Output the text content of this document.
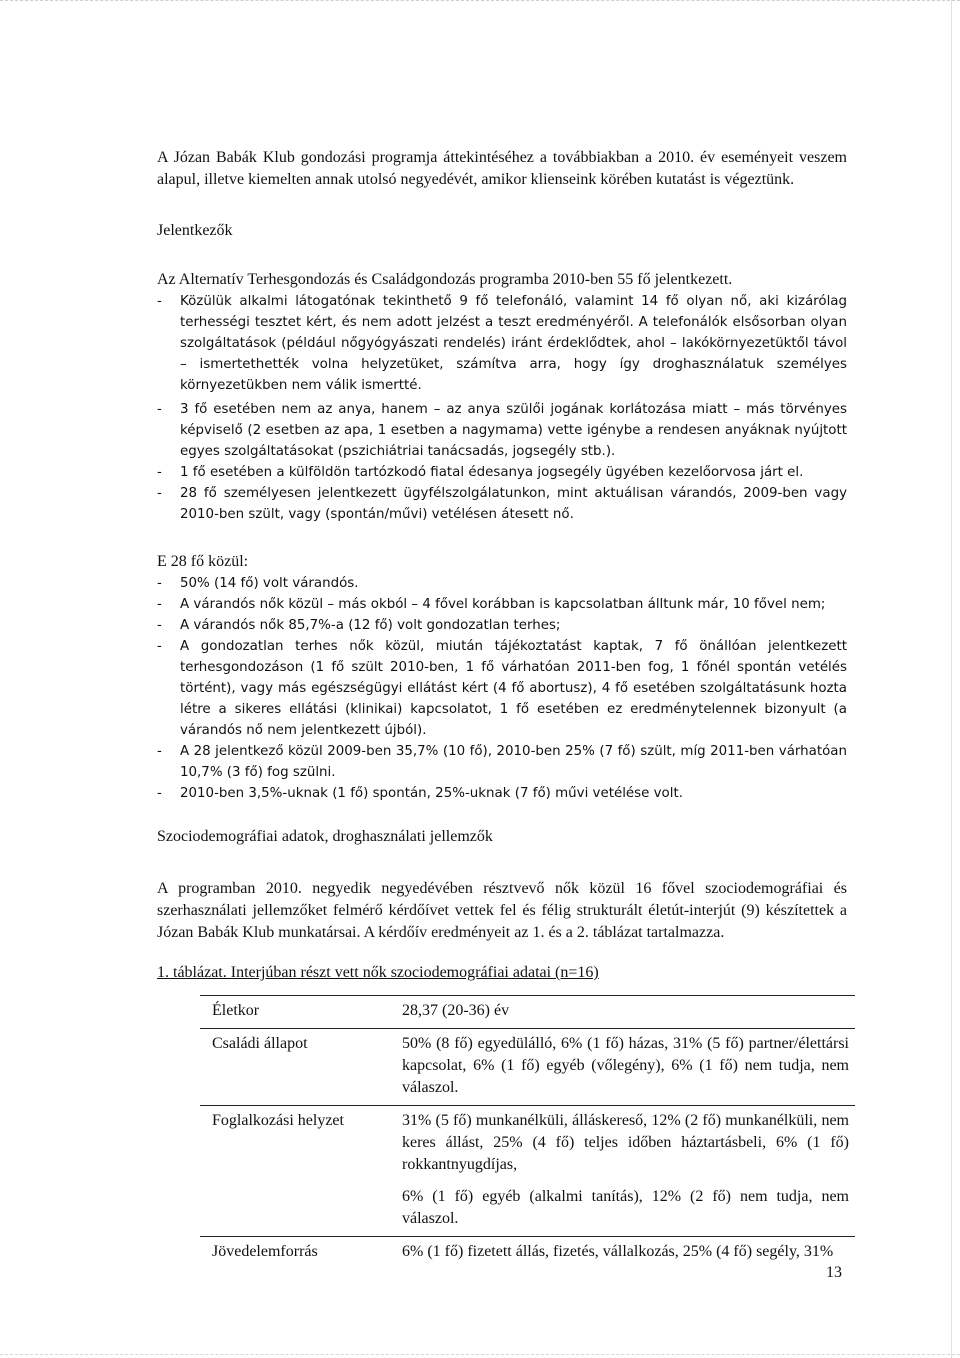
A Józan Babák Klub gondozási programja áttekintéséhez a továbbiakban a 2010. év eseményeit veszem alapul, illetve kiemelten annak utolsó negyedévét, amikor klienseink körében kutatást is végeztünk.

Jelentkezők

Az Alternatív Terhesgondozás és Családgondozás programba 2010-ben 55 fő jelentkezett.

- Közülük alkalmi látogatónak tekinthető 9 fő telefonáló, valamint 14 fő olyan nő, aki kizárólag terhességi tesztet kért, és nem adott jelzést a teszt eredményéről. A telefonálók elsősorban olyan szolgáltatások (például nőgyógyászati rendelés) iránt érdeklődtek, ahol – lakókörnyezetüktől távol – ismertethették volna helyzetüket, számítva arra, hogy így droghasználatuk személyes környezetükben nem válik ismertté.
- 3 fő esetében nem az anya, hanem – az anya szülői jogának korlátozása miatt – más törvényes képviselő (2 esetben az apa, 1 esetben a nagymama) vette igénybe a rendesen anyáknak nyújtott egyes szolgáltatásokat (pszichiátriai tanácsadás, jogsegély stb.).
- 1 fő esetében a külföldön tartózkodó fiatal édesanya jogsegély ügyében kezelőorvosa járt el.
- 28 fő személyesen jelentkezett ügyfélszolgálatunkon, mint aktuálisan várandós, 2009-ben vagy 2010-ben szült, vagy (spontán/művi) vetélésen átesett nő.

E 28 fő közül:

- 50% (14 fő) volt várandós.
- A várandós nők közül – más okból – 4 fővel korábban is kapcsolatban álltunk már, 10 fővel nem;
- A várandós nők 85,7%-a (12 fő) volt gondozatlan terhes;
- A gondozatlan terhes nők közül, miután tájékoztatást kaptak, 7 fő önállóan jelentkezett terhesgondozáson (1 fő szült 2010-ben, 1 fő várhatóan 2011-ben fog, 1 főnél spontán vetélés történt), vagy más egészségügyi ellátást kért (4 fő abortusz), 4 fő esetében szolgáltatásunk hozta létre a sikeres ellátási (klinikai) kapcsolatot, 1 fő esetében ez eredménytelennek bizonyult (a várandós nő nem jelentkezett újból).
- A 28 jelentkező közül 2009-ben 35,7% (10 fő), 2010-ben 25% (7 fő) szült, míg 2011-ben várhatóan 10,7% (3 fő) fog szülni.
- 2010-ben 3,5%-uknak (1 fő) spontán, 25%-uknak (7 fő) művi vetélése volt.

Szociodemográfiai adatok, droghasználati jellemzők

A programban 2010. negyedik negyedévében résztvevő nők közül 16 fővel szociodemográfiai és szerhasználati jellemzőket felmérő kérdőívet vettek fel és félig strukturált életút-interjút (9) készítettek a Józan Babák Klub munkatársai. A kérdőív eredményeit az 1. és a 2. táblázat tartalmazza.

1. táblázat. Interjúban részt vett nők szociodemográfiai adatai (n=16)

Életkor	28,37 (20-36) év

Családi állapot	50% (8 fő) egyedülálló, 6% (1 fő) házas, 31% (5 fő) partner/élettársi kapcsolat, 6% (1 fő) egyéb (vőlegény), 6% (1 fő) nem tudja, nem válaszol.

Foglalkozási helyzet	31% (5 fő) munkanélküli, álláskereső, 12% (2 fő) munkanélküli, nem keres állást, 25% (4 fő) teljes időben háztartásbeli, 6% (1 fő) rokkantnyugdíjas,

6% (1 fő) egyéb (alkalmi tanítás), 12% (2 fő) nem tudja, nem válaszol.

Jövedelemforrás	6% (1 fő) fizetett állás, fizetés, vállalkozás, 25% (4 fő) segély, 31%

13
